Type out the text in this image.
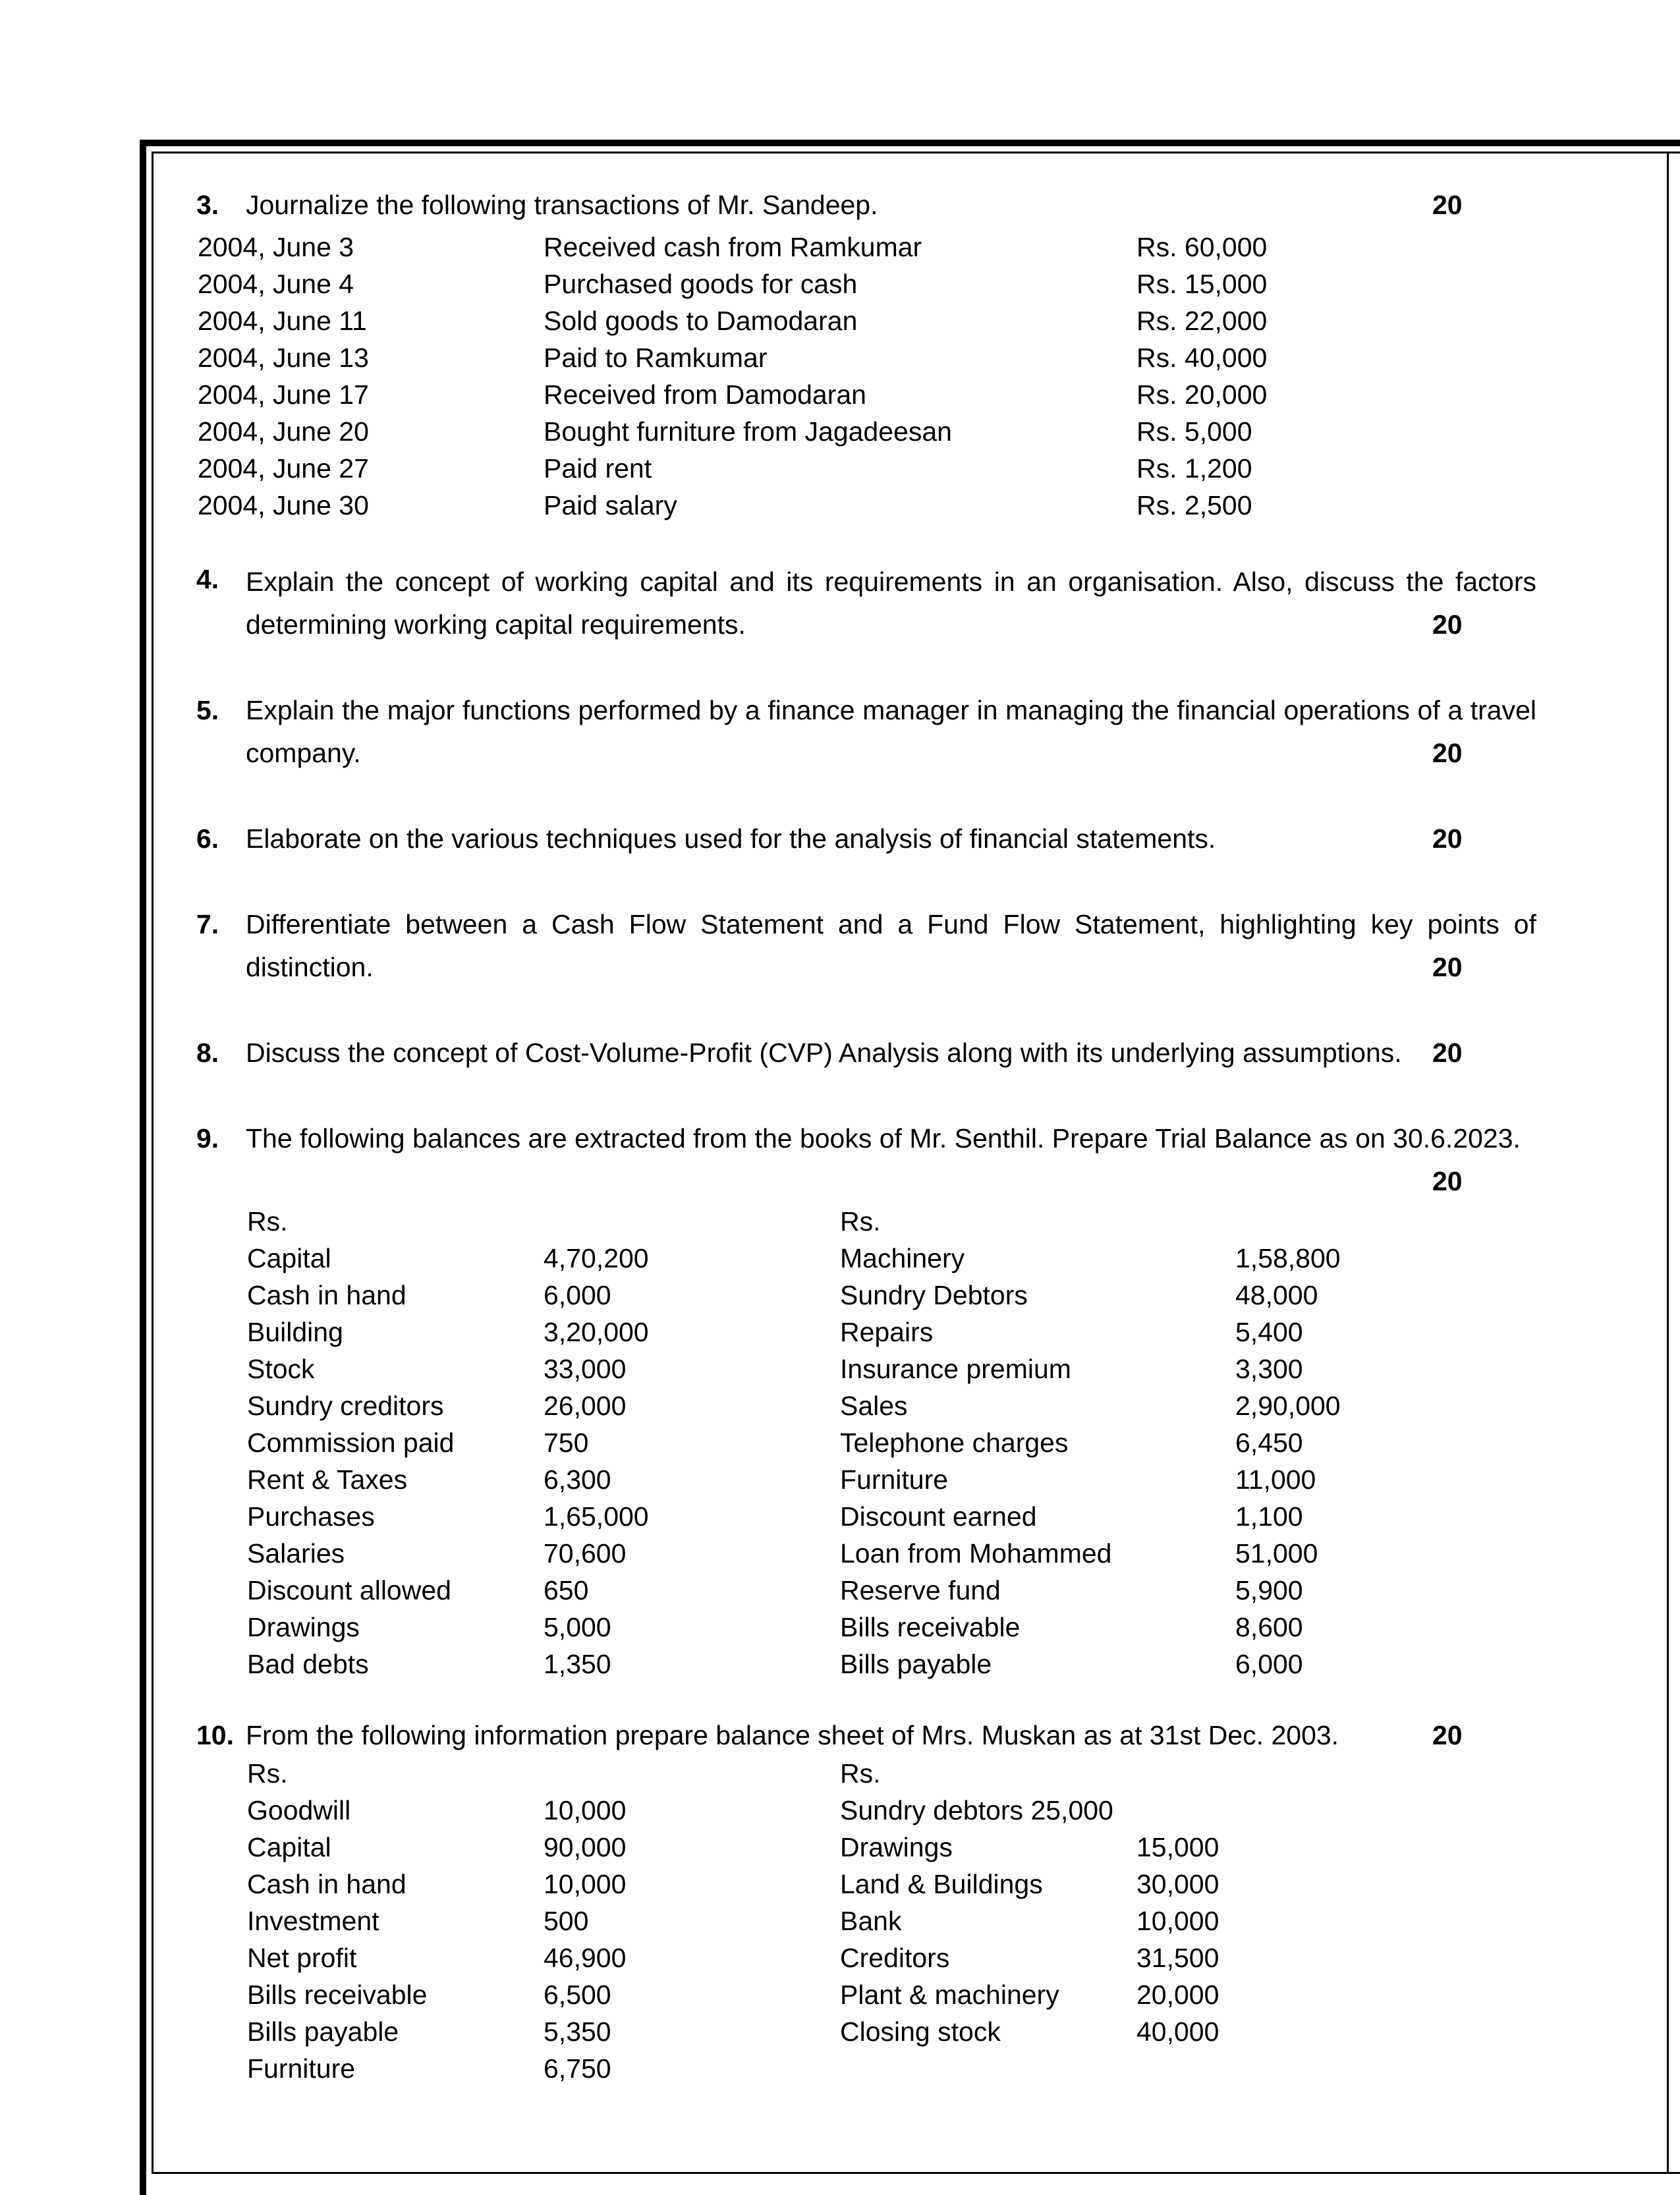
3. Journalize the following transactions of Mr. Sandeep.	20
2004, June 3	Received cash from Ramkumar	Rs. 60,000
2004, June 4	Purchased goods for cash	Rs. 15,000
2004, June 11	Sold goods to Damodaran	Rs. 22,000
2004, June 13	Paid to Ramkumar	Rs. 40,000
2004, June 17	Received from Damodaran	Rs. 20,000
2004, June 20	Bought furniture from Jagadeesan	Rs. 5,000
2004, June 27	Paid rent	Rs. 1,200
2004, June 30	Paid salary	Rs. 2,500
4. Explain the concept of working capital and its requirements in an organisation. Also, discuss the factors determining working capital requirements.	20
5. Explain the major functions performed by a finance manager in managing the financial operations of a travel company.	20
6. Elaborate on the various techniques used for the analysis of financial statements.	20
7. Differentiate between a Cash Flow Statement and a Fund Flow Statement, highlighting key points of distinction.	20
8. Discuss the concept of Cost-Volume-Profit (CVP) Analysis along with its underlying assumptions.	20
9. The following balances are extracted from the books of Mr. Senthil. Prepare Trial Balance as on 30.6.2023.
20
Rs.	Rs.
Capital	4,70,200	Machinery	1,58,800
Cash in hand	6,000	Sundry Debtors	48,000
Building	3,20,000	Repairs	5,400
Stock	33,000	Insurance premium	3,300
Sundry creditors	26,000	Sales	2,90,000
Commission paid	750	Telephone charges	6,450
Rent & Taxes	6,300	Furniture	11,000
Purchases	1,65,000	Discount earned	1,100
Salaries	70,600	Loan from Mohammed	51,000
Discount allowed	650	Reserve fund	5,900
Drawings	5,000	Bills receivable	8,600
Bad debts	1,350	Bills payable	6,000
10. From the following information prepare balance sheet of Mrs. Muskan as at 31st Dec. 2003.	20
Rs.	Rs.
Goodwill	10,000	Sundry debtors 25,000
Capital	90,000	Drawings	15,000
Cash in hand	10,000	Land & Buildings	30,000
Investment	500	Bank	10,000
Net profit	46,900	Creditors	31,500
Bills receivable	6,500	Plant & machinery	20,000
Bills payable	5,350	Closing stock	40,000
Furniture	6,750
